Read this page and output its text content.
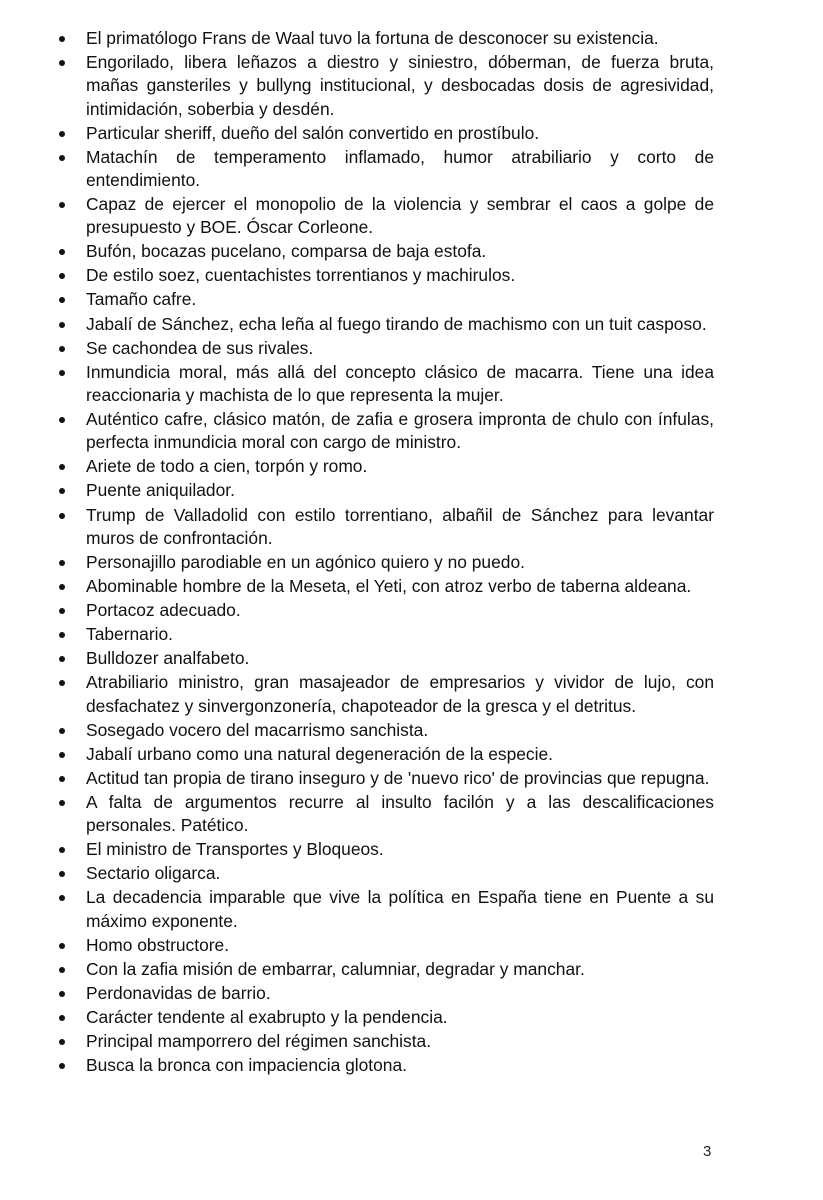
El primatólogo Frans de Waal tuvo la fortuna de desconocer su existencia.
Engorilado, libera leñazos a diestro y siniestro, dóberman, de fuerza bruta, mañas gansteriles y bullyng institucional, y desbocadas dosis de agresividad, intimidación, soberbia y desdén.
Particular sheriff, dueño del salón convertido en prostíbulo.
Matachín de temperamento inflamado, humor atrabiliario y corto de entendimiento.
Capaz de ejercer el monopolio de la violencia y sembrar el caos a golpe de presupuesto y BOE. Óscar Corleone.
Bufón, bocazas pucelano, comparsa de baja estofa.
De estilo soez, cuentachistes torrentianos y machirulos.
Tamaño cafre.
Jabalí de Sánchez, echa leña al fuego tirando de machismo con un tuit casposo.
Se cachondea de sus rivales.
Inmundicia moral, más allá del concepto clásico de macarra. Tiene una idea reaccionaria y machista de lo que representa la mujer.
Auténtico cafre, clásico matón, de zafia e grosera impronta de chulo con ínfulas, perfecta inmundicia moral con cargo de ministro.
Ariete de todo a cien, torpón y romo.
Puente aniquilador.
Trump de Valladolid con estilo torrentiano, albañil de Sánchez para levantar muros de confrontación.
Personajillo parodiable en un agónico quiero y no puedo.
Abominable hombre de la Meseta, el Yeti, con atroz verbo de taberna aldeana.
Portacoz adecuado.
Tabernario.
Bulldozer analfabeto.
Atrabiliario ministro, gran masajeador de empresarios y vividor de lujo, con desfachatez y sinvergonzonería, chapoteador de la gresca y el detritus.
Sosegado vocero del macarrismo sanchista.
Jabalí urbano como una natural degeneración de la especie.
Actitud tan propia de tirano inseguro y de 'nuevo rico' de provincias que repugna.
A falta de argumentos recurre al insulto facilón y a las descalificaciones personales. Patético.
El ministro de Transportes y Bloqueos.
Sectario oligarca.
La decadencia imparable que vive la política en España tiene en Puente a su máximo exponente.
Homo obstructore.
Con la zafia misión de embarrar, calumniar, degradar y manchar.
Perdonavidas de barrio.
Carácter tendente al exabrupto y la pendencia.
Principal mamporrero del régimen sanchista.
Busca la bronca con impaciencia glotona.
3
